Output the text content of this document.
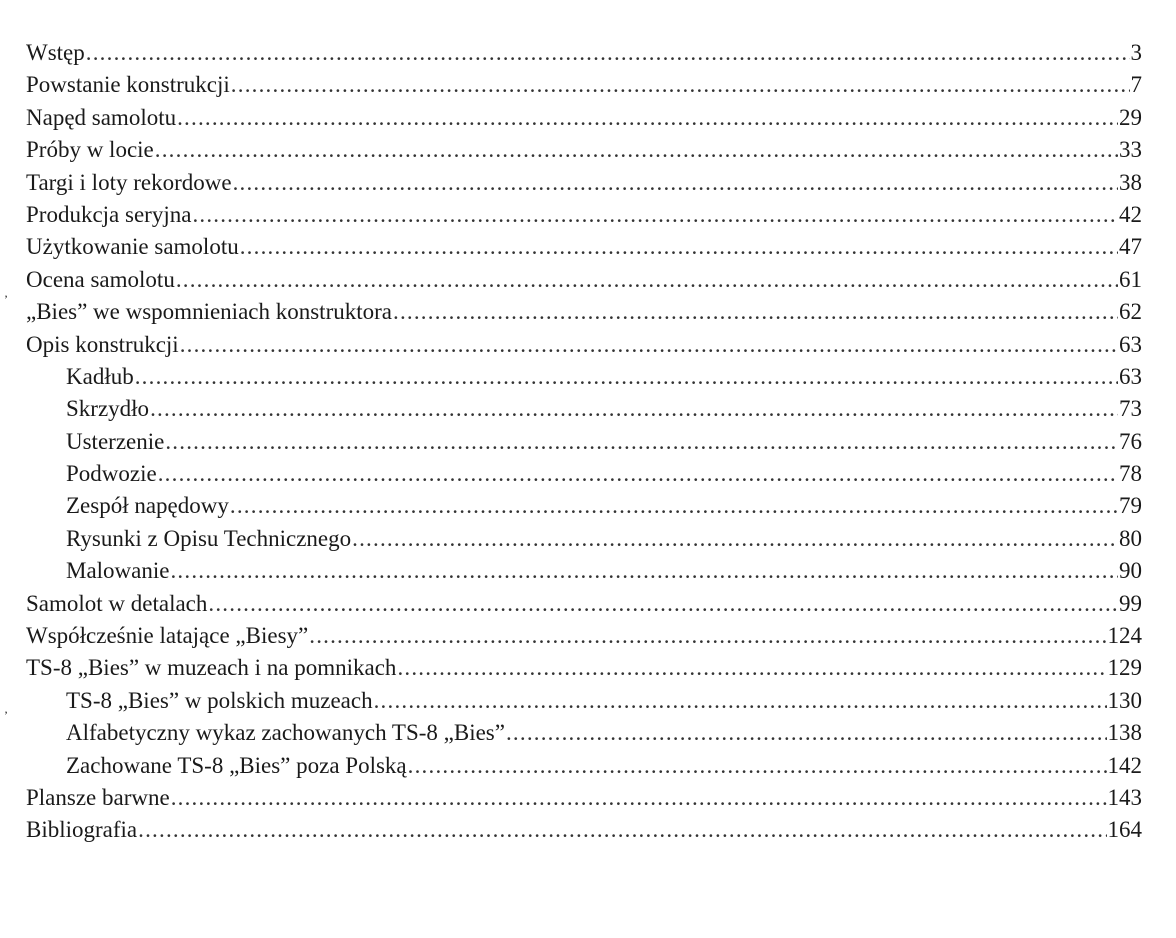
Wstęp .....	3
Powstanie konstrukcji .....	7
Napęd samolotu .....	29
Próby w locie .....	33
Targi i loty rekordowe .....	38
Produkcja seryjna .....	42
Użytkowanie samolotu .....	47
Ocena samolotu .....	61
„Bies” we wspomnieniach konstruktora .....	62
Opis konstrukcji .....	63
Kadłub .....	63
Skrzydło .....	73
Usterzenie .....	76
Podwozie .....	78
Zespół napędowy .....	79
Rysunki z Opisu Technicznego .....	80
Malowanie .....	90
Samolot w detalach .....	99
Współcześnie latające „Biesy” .....	124
TS-8 „Bies” w muzeach i na pomnikach .....	129
TS-8 „Bies” w polskich muzeach .....	130
Alfabetyczny wykaz zachowanych TS-8 „Bies” .....	138
Zachowane TS-8 „Bies” poza Polską .....	142
Plansze barwne .....	143
Bibliografia .....	164
’
’
